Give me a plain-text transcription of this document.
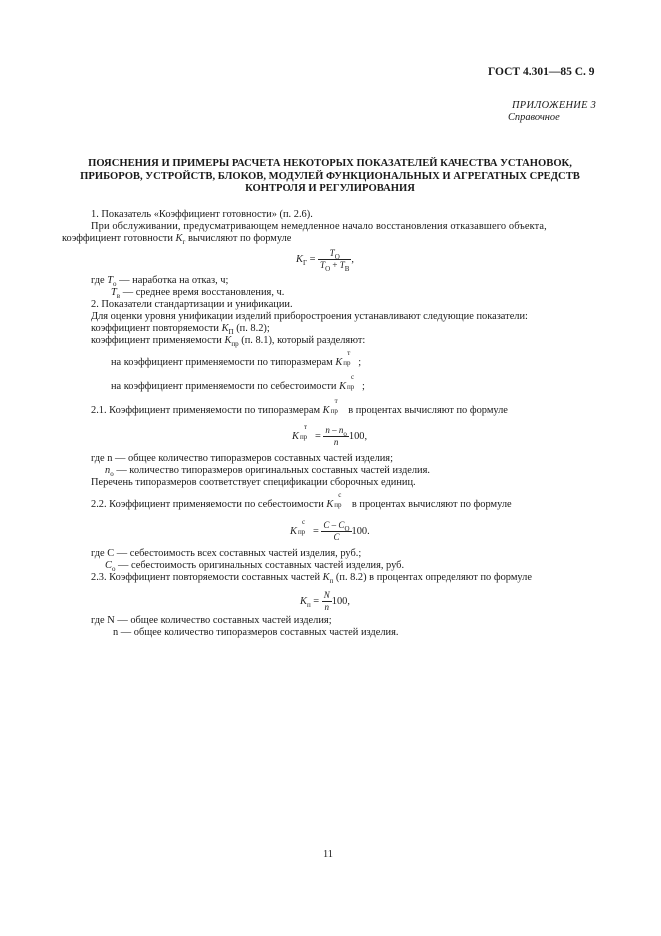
ГОСТ 4.301—85 С. 9
ПРИЛОЖЕНИЕ 3
Справочное
ПОЯСНЕНИЯ И ПРИМЕРЫ РАСЧЕТА НЕКОТОРЫХ ПОКАЗАТЕЛЕЙ КАЧЕСТВА УСТАНОВОК,
ПРИБОРОВ, УСТРОЙСТВ, БЛОКОВ, МОДУЛЕЙ ФУНКЦИОНАЛЬНЫХ И АГРЕГАТНЫХ СРЕДСТВ
КОНТРОЛЯ И РЕГУЛИРОВАНИЯ
1. Показатель «Коэффициент готовности» (п. 2.6).
При обслуживании, предусматривающем немедленное начало восстановления отказавшего объекта,
коэффициент готовности $K_г$ вычисляют по формуле
$K_Г = \frac{T_O}{T_O + T_B}$ ,
где $T_o$ — наработка на отказ, ч;
$T_в$ — среднее время восстановления, ч.
2. Показатели стандартизации и унификации.
Для оценки уровня унификации изделий приборостроения устанавливают следующие показатели:
коэффициент повторяемости $K_П$ (п. 8.2);
коэффициент применяемости $K_{пр}$ (п. 8.1), который разделяют:
на коэффициент применяемости по типоразмерам K
т
пр ;
на коэффициент применяемости по себестоимости K
с
пр ;
2.1. Коэффициент применяемости по типоразмерам K
т
пр в процентах вычисляют по формуле
K
т
пр = $\frac{n - n_o}{n} 100$,
где n — общее количество типоразмеров составных частей изделия;
$n_o$ — количество типоразмеров оригинальных составных частей изделия.
Перечень типоразмеров соответствует спецификации сборочных единиц.
2.2. Коэффициент применяемости по себестоимости K
с
пр в процентах вычисляют по формуле
K
с
пр = $\frac{C - C_O}{C} 100$.
где С — себестоимость всех составных частей изделия, руб.;
$C_o$ — себестоимость оригинальных составных частей изделия, руб.
2.3. Коэффициент повторяемости составных частей $K_п$ (п. 8.2) в процентах определяют по формуле
$K_п = \frac{N}{n} 100$,
где N — общее количество составных частей изделия;
n — общее количество типоразмеров составных частей изделия.
11
